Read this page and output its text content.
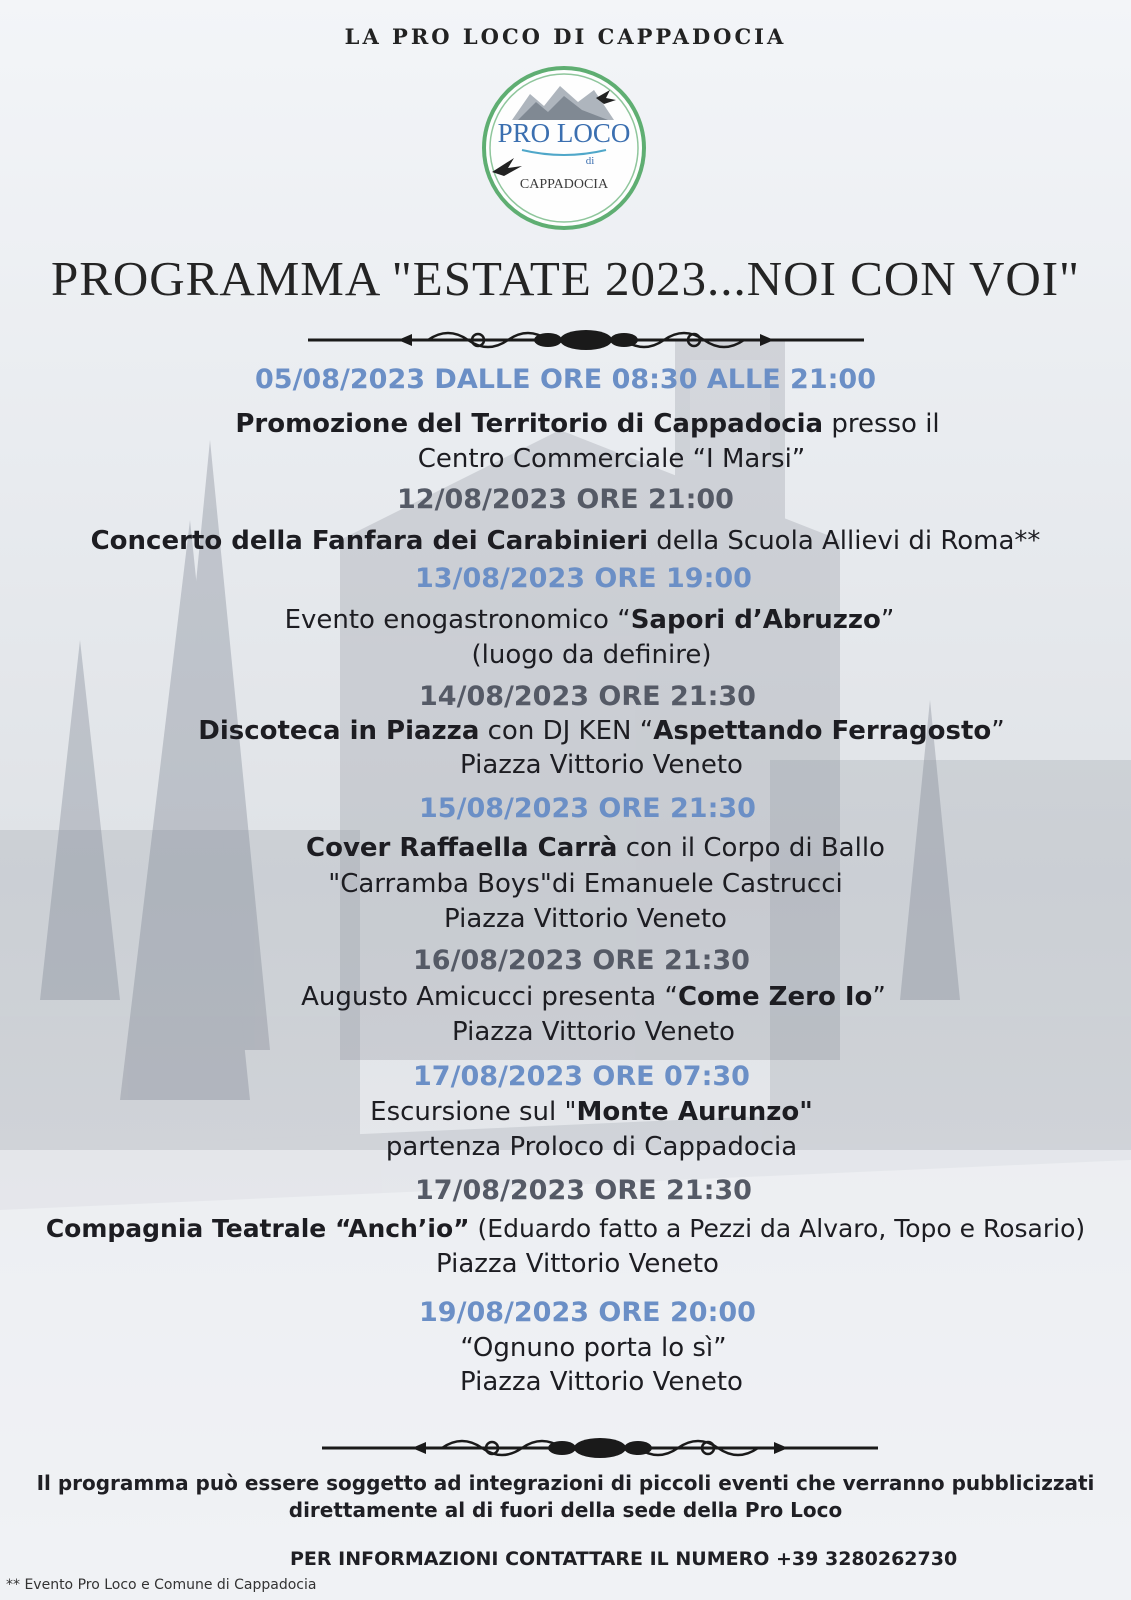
LA PRO LOCO DI CAPPADOCIA
PRO LOCO
di
CAPPADOCIA
PROGRAMMA "ESTATE 2023...NOI CON VOI"
05/08/2023 DALLE ORE 08:30 ALLE 21:00
Promozione del Territorio di Cappadocia presso il
Centro Commerciale “I Marsi”
12/08/2023 ORE 21:00
Concerto della Fanfara dei Carabinieri della Scuola Allievi di Roma**
13/08/2023 ORE 19:00
Evento enogastronomico “Sapori d’Abruzzo”
(luogo da definire)
14/08/2023 ORE 21:30
Discoteca in Piazza con DJ KEN “Aspettando Ferragosto”
Piazza Vittorio Veneto
15/08/2023 ORE 21:30
Cover Raffaella Carrà con il Corpo di Ballo
"Carramba Boys"di Emanuele Castrucci
Piazza Vittorio Veneto
16/08/2023 ORE 21:30
Augusto Amicucci presenta “Come Zero Io”
Piazza Vittorio Veneto
17/08/2023 ORE 07:30
Escursione sul "Monte Aurunzo"
partenza Proloco di Cappadocia
17/08/2023 ORE 21:30
Compagnia Teatrale “Anch’io” (Eduardo fatto a Pezzi da Alvaro, Topo e Rosario)
Piazza Vittorio Veneto
19/08/2023 ORE 20:00
“Ognuno porta lo sì”
Piazza Vittorio Veneto
Il programma può essere soggetto ad integrazioni di piccoli eventi che verranno pubblicizzati
direttamente al di fuori della sede della Pro Loco
PER INFORMAZIONI CONTATTARE IL NUMERO +39 3280262730
** Evento Pro Loco e Comune di Cappadocia
